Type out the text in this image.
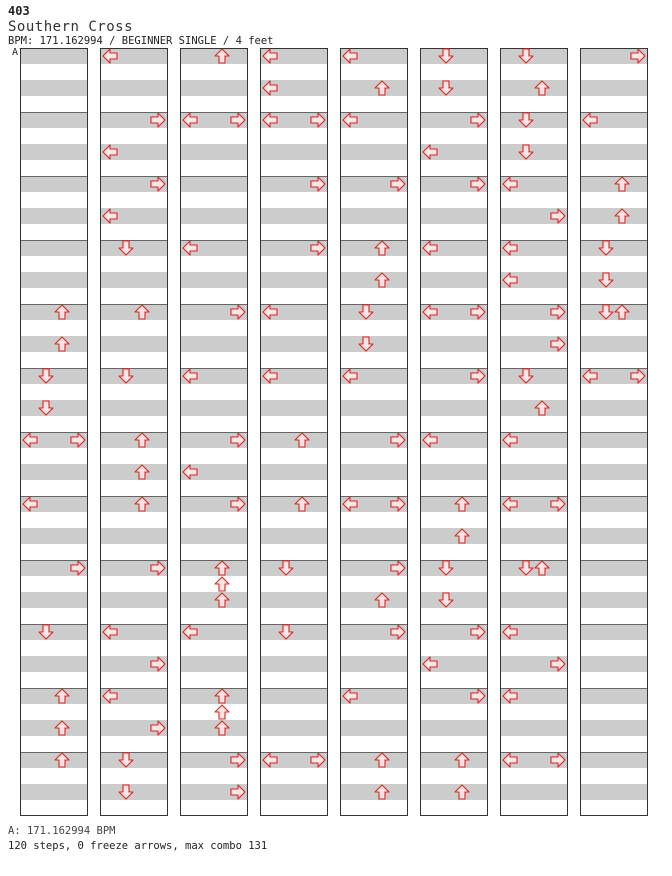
403
Southern Cross
BPM: 171.162994 / BEGINNER SINGLE / 4 feet
A
A: 171.162994 BPM
120 steps, 0 freeze arrows, max combo 131
